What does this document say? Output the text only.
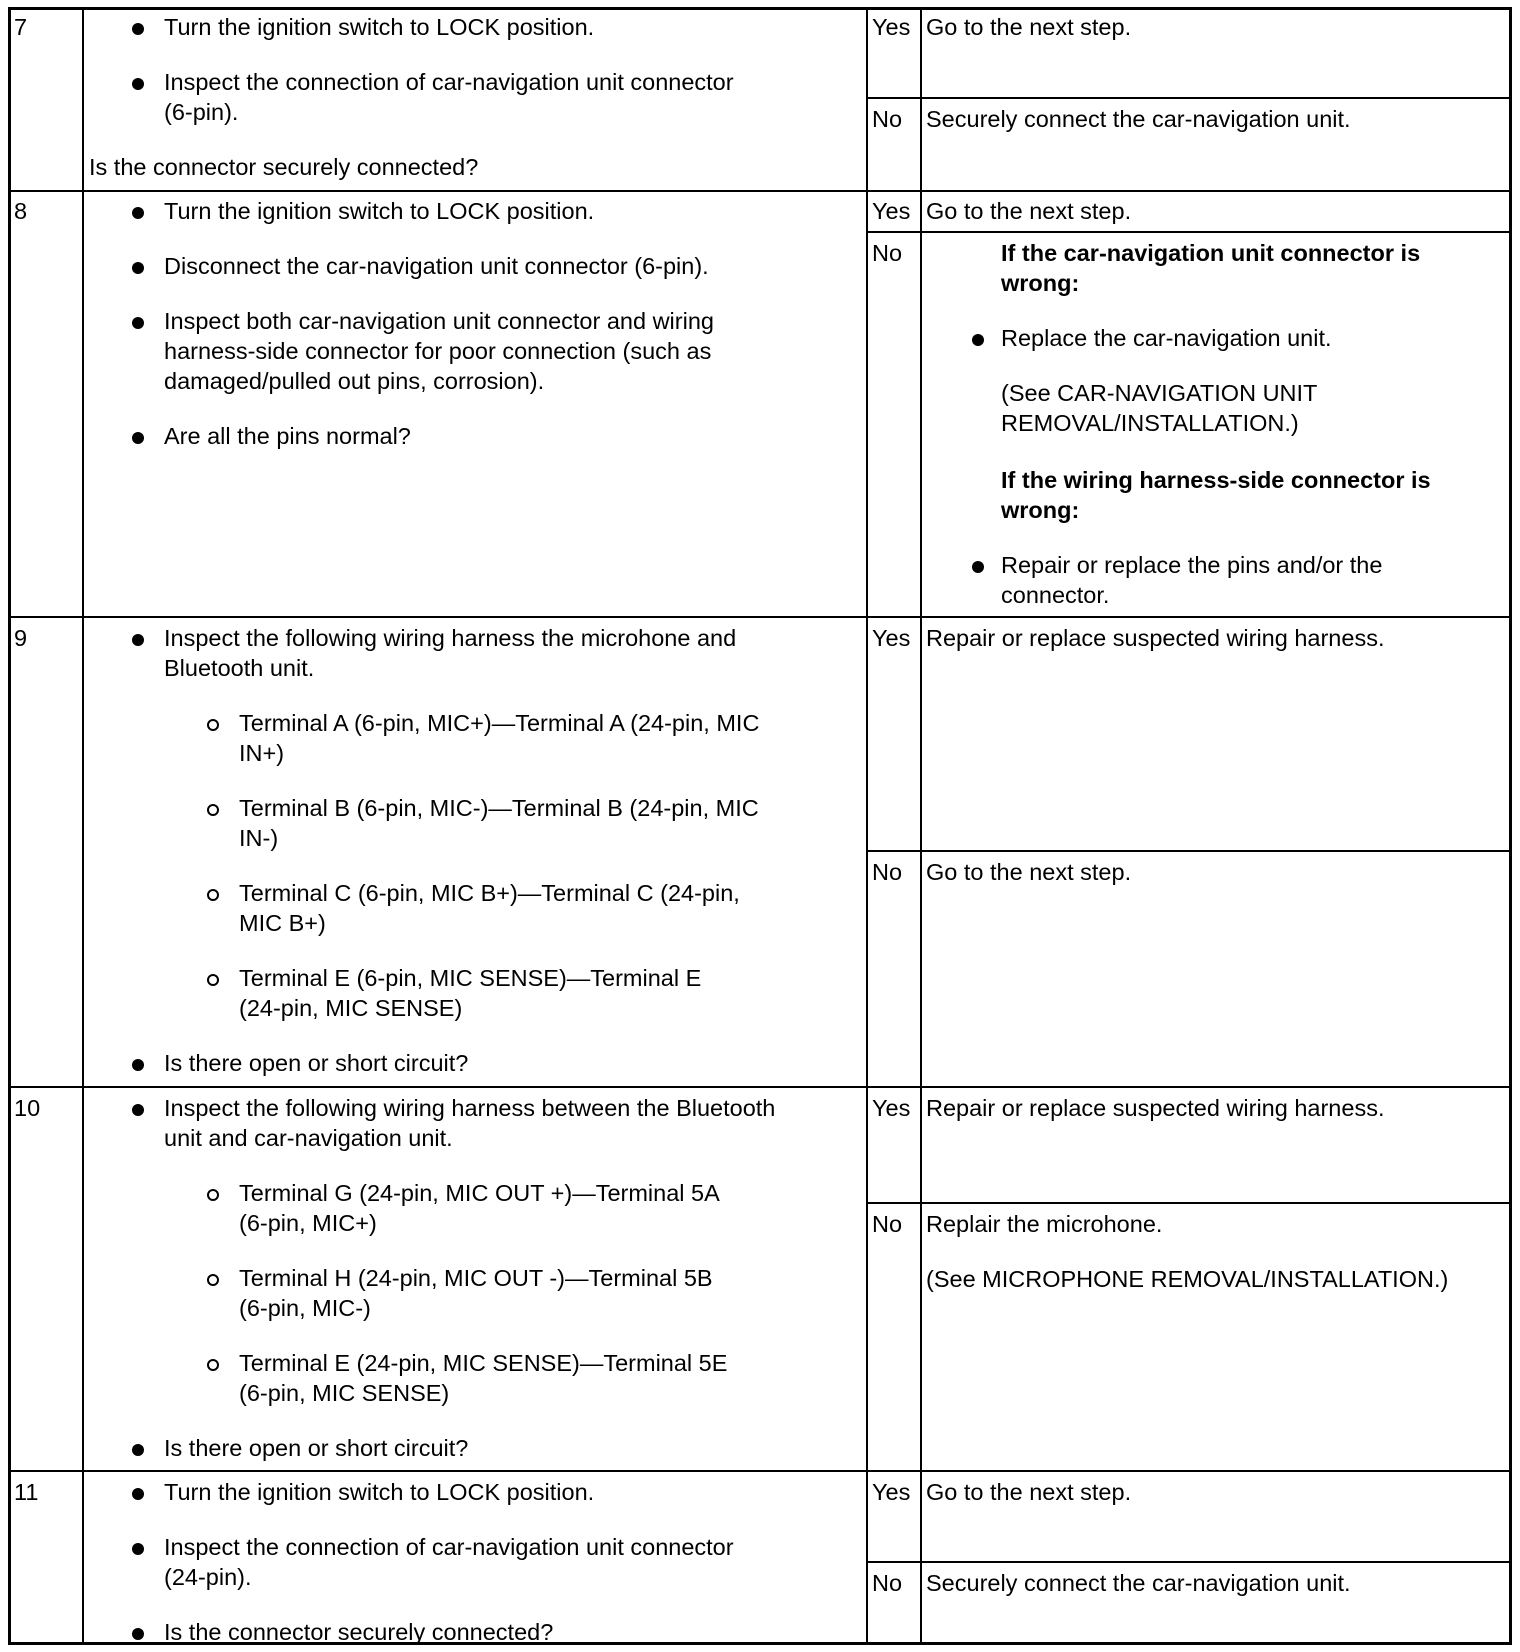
7	Turn the ignition switch to LOCK position.
Inspect the connection of car-navigation unit connector
(6-pin).
Is the connector securely connected?
Yes Go to the next step.
No Securely connect the car-navigation unit.
8	Turn the ignition switch to LOCK position.
Disconnect the car-navigation unit connector (6-pin).
Inspect both car-navigation unit connector and wiring
harness-side connector for poor connection (such as
damaged/pulled out pins, corrosion).
Are all the pins normal?
Yes Go to the next step.
No	If the car-navigation unit connector is
wrong:
Replace the car-navigation unit.
(See CAR-NAVIGATION UNIT
REMOVAL/INSTALLATION.)
If the wiring harness-side connector is
wrong:
Repair or replace the pins and/or the
connector.
9	Inspect the following wiring harness the microhone and
Bluetooth unit.
Terminal A (6-pin, MIC+)—Terminal A (24-pin, MIC
IN+)
Terminal B (6-pin, MIC-)—Terminal B (24-pin, MIC
IN-)
Terminal C (6-pin, MIC B+)—Terminal C (24-pin,
MIC B+)
Terminal E (6-pin, MIC SENSE)—Terminal E
(24-pin, MIC SENSE)
Is there open or short circuit?
Yes Repair or replace suspected wiring harness.
No Go to the next step.
10	Inspect the following wiring harness between the Bluetooth
unit and car-navigation unit.
Terminal G (24-pin, MIC OUT +)—Terminal 5A
(6-pin, MIC+)
Terminal H (24-pin, MIC OUT -)—Terminal 5B
(6-pin, MIC-)
Terminal E (24-pin, MIC SENSE)—Terminal 5E
(6-pin, MIC SENSE)
Is there open or short circuit?
Yes Repair or replace suspected wiring harness.
No Replair the microhone.
(See MICROPHONE REMOVAL/INSTALLATION.)
11	Turn the ignition switch to LOCK position.
Inspect the connection of car-navigation unit connector
(24-pin).
Is the connector securely connected?
Yes Go to the next step.
No Securely connect the car-navigation unit.
